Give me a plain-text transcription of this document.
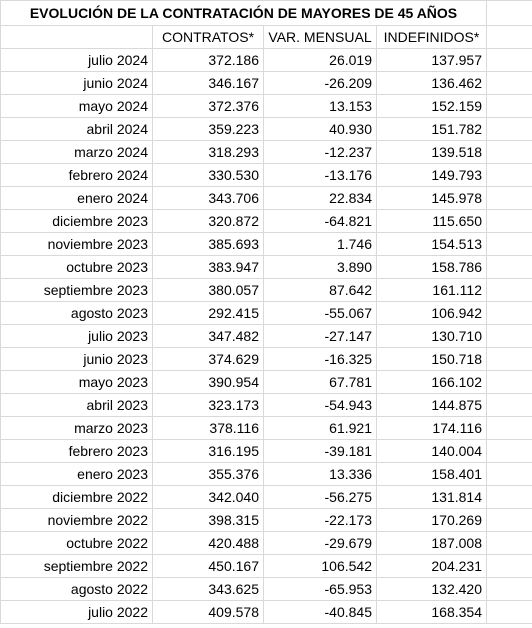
EVOLUCIÓN DE LA CONTRATACIÓN DE MAYORES DE 45 AÑOS				
	CONTRATOS*	VAR. MENSUAL	INDEFINIDOS*	
julio 2024	372.186	26.019	137.957	
junio 2024	346.167	-26.209	136.462	
mayo 2024	372.376	13.153	152.159	
abril 2024	359.223	40.930	151.782	
marzo 2024	318.293	-12.237	139.518	
febrero 2024	330.530	-13.176	149.793	
enero 2024	343.706	22.834	145.978	
diciembre 2023	320.872	-64.821	115.650	
noviembre 2023	385.693	1.746	154.513	
octubre 2023	383.947	3.890	158.786	
septiembre 2023	380.057	87.642	161.112	
agosto 2023	292.415	-55.067	106.942	
julio 2023	347.482	-27.147	130.710	
junio 2023	374.629	-16.325	150.718	
mayo 2023	390.954	67.781	166.102	
abril 2023	323.173	-54.943	144.875	
marzo 2023	378.116	61.921	174.116	
febrero 2023	316.195	-39.181	140.004	
enero 2023	355.376	13.336	158.401	
diciembre 2022	342.040	-56.275	131.814	
noviembre 2022	398.315	-22.173	170.269	
octubre 2022	420.488	-29.679	187.008	
septiembre 2022	450.167	106.542	204.231	
agosto 2022	343.625	-65.953	132.420	
julio 2022	409.578	-40.845	168.354	
